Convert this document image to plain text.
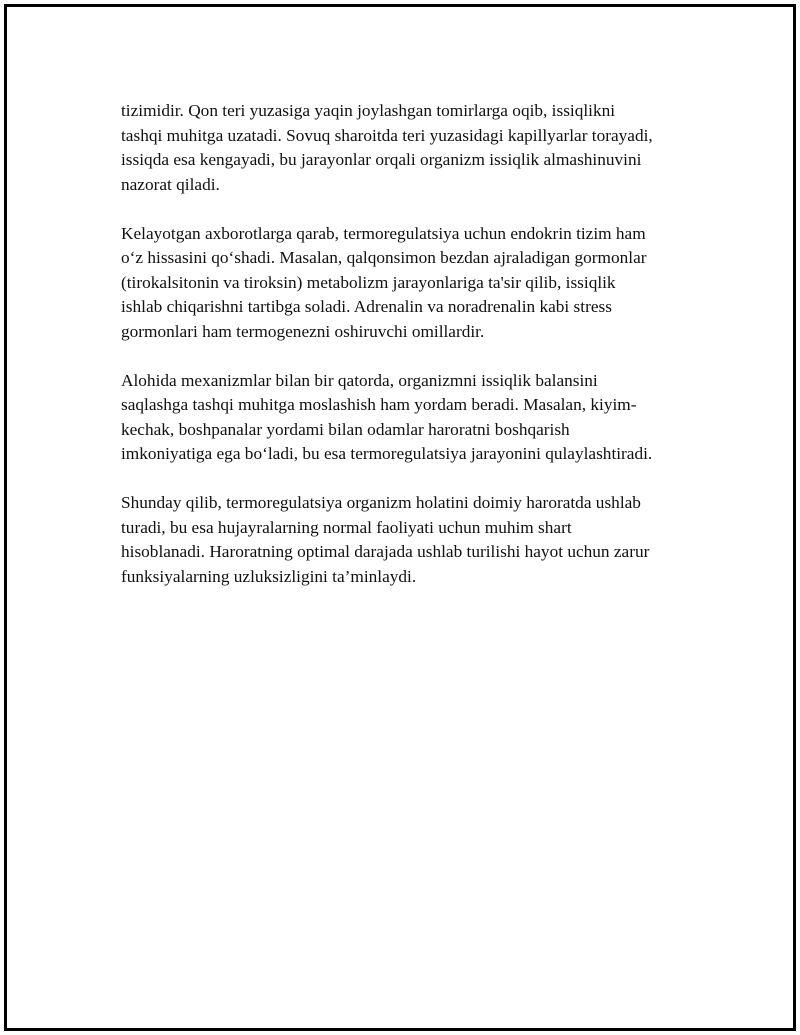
tizimidir. Qon teri yuzasiga yaqin joylashgan tomirlarga oqib, issiqlikni
tashqi muhitga uzatadi. Sovuq sharoitda teri yuzasidagi kapillyarlar torayadi,
issiqda esa kengayadi, bu jarayonlar orqali organizm issiqlik almashinuvini
nazorat qiladi.

Kelayotgan axborotlarga qarab, termoregulatsiya uchun endokrin tizim ham
o‘z hissasini qo‘shadi. Masalan, qalqonsimon bezdan ajraladigan gormonlar
(tirokalsitonin va tiroksin) metabolizm jarayonlariga ta'sir qilib, issiqlik
ishlab chiqarishni tartibga soladi. Adrenalin va noradrenalin kabi stress
gormonlari ham termogenezni oshiruvchi omillardir.

Alohida mexanizmlar bilan bir qatorda, organizmni issiqlik balansini
saqlashga tashqi muhitga moslashish ham yordam beradi. Masalan, kiyim-
kechak, boshpanalar yordami bilan odamlar haroratni boshqarish
imkoniyatiga ega bo‘ladi, bu esa termoregulatsiya jarayonini qulaylashtiradi.

Shunday qilib, termoregulatsiya organizm holatini doimiy haroratda ushlab
turadi, bu esa hujayralarning normal faoliyati uchun muhim shart
hisoblanadi. Haroratning optimal darajada ushlab turilishi hayot uchun zarur
funksiyalarning uzluksizligini ta’minlaydi.
